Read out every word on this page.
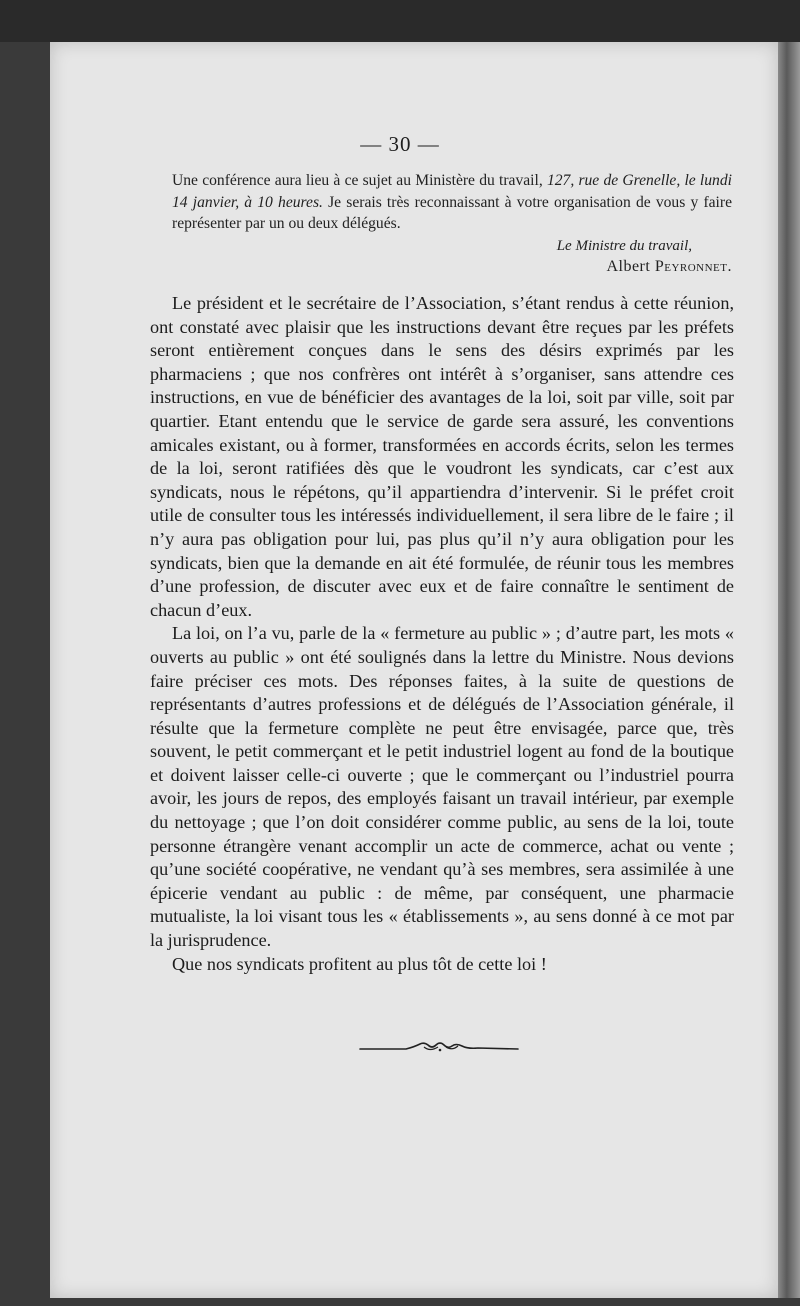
— 30 —

Une conférence aura lieu à ce sujet au Ministère du travail, 127, rue de Grenelle, le lundi 14 janvier, à 10 heures. Je serais très reconnaissant à votre organisation de vous y faire représenter par un ou deux délégués.

Le Ministre du travail,
Albert Peyronnet.

Le président et le secrétaire de l’Association, s’étant rendus à cette réunion, ont constaté avec plaisir que les instructions devant être reçues par les préfets seront entièrement conçues dans le sens des désirs exprimés par les pharmaciens ; que nos confrères ont intérêt à s’organiser, sans attendre ces instructions, en vue de bénéficier des avantages de la loi, soit par ville, soit par quartier. Etant entendu que le service de garde sera assuré, les conventions amicales existant, ou à former, transformées en accords écrits, selon les termes de la loi, seront ratifiées dès que le voudront les syndicats, car c’est aux syndicats, nous le répétons, qu’il appartiendra d’intervenir. Si le préfet croit utile de consulter tous les intéressés individuellement, il sera libre de le faire ; il n’y aura pas obligation pour lui, pas plus qu’il n’y aura obligation pour les syndicats, bien que la demande en ait été formulée, de réunir tous les membres d’une profession, de discuter avec eux et de faire connaître le sentiment de chacun d’eux.

La loi, on l’a vu, parle de la « fermeture au public » ; d’autre part, les mots « ouverts au public » ont été soulignés dans la lettre du Ministre. Nous devions faire préciser ces mots. Des réponses faites, à la suite de questions de représentants d’autres professions et de délégués de l’Association générale, il résulte que la fermeture complète ne peut être envisagée, parce que, très souvent, le petit commerçant et le petit industriel logent au fond de la boutique et doivent laisser celle-ci ouverte ; que le commerçant ou l’industriel pourra avoir, les jours de repos, des employés faisant un travail intérieur, par exemple du nettoyage ; que l’on doit considérer comme public, au sens de la loi, toute personne étrangère venant accomplir un acte de commerce, achat ou vente ; qu’une société coopérative, ne vendant qu’à ses membres, sera assimilée à une épicerie vendant au public : de même, par conséquent, une pharmacie mutualiste, la loi visant tous les « établissements », au sens donné à ce mot par la jurisprudence.

Que nos syndicats profitent au plus tôt de cette loi !
